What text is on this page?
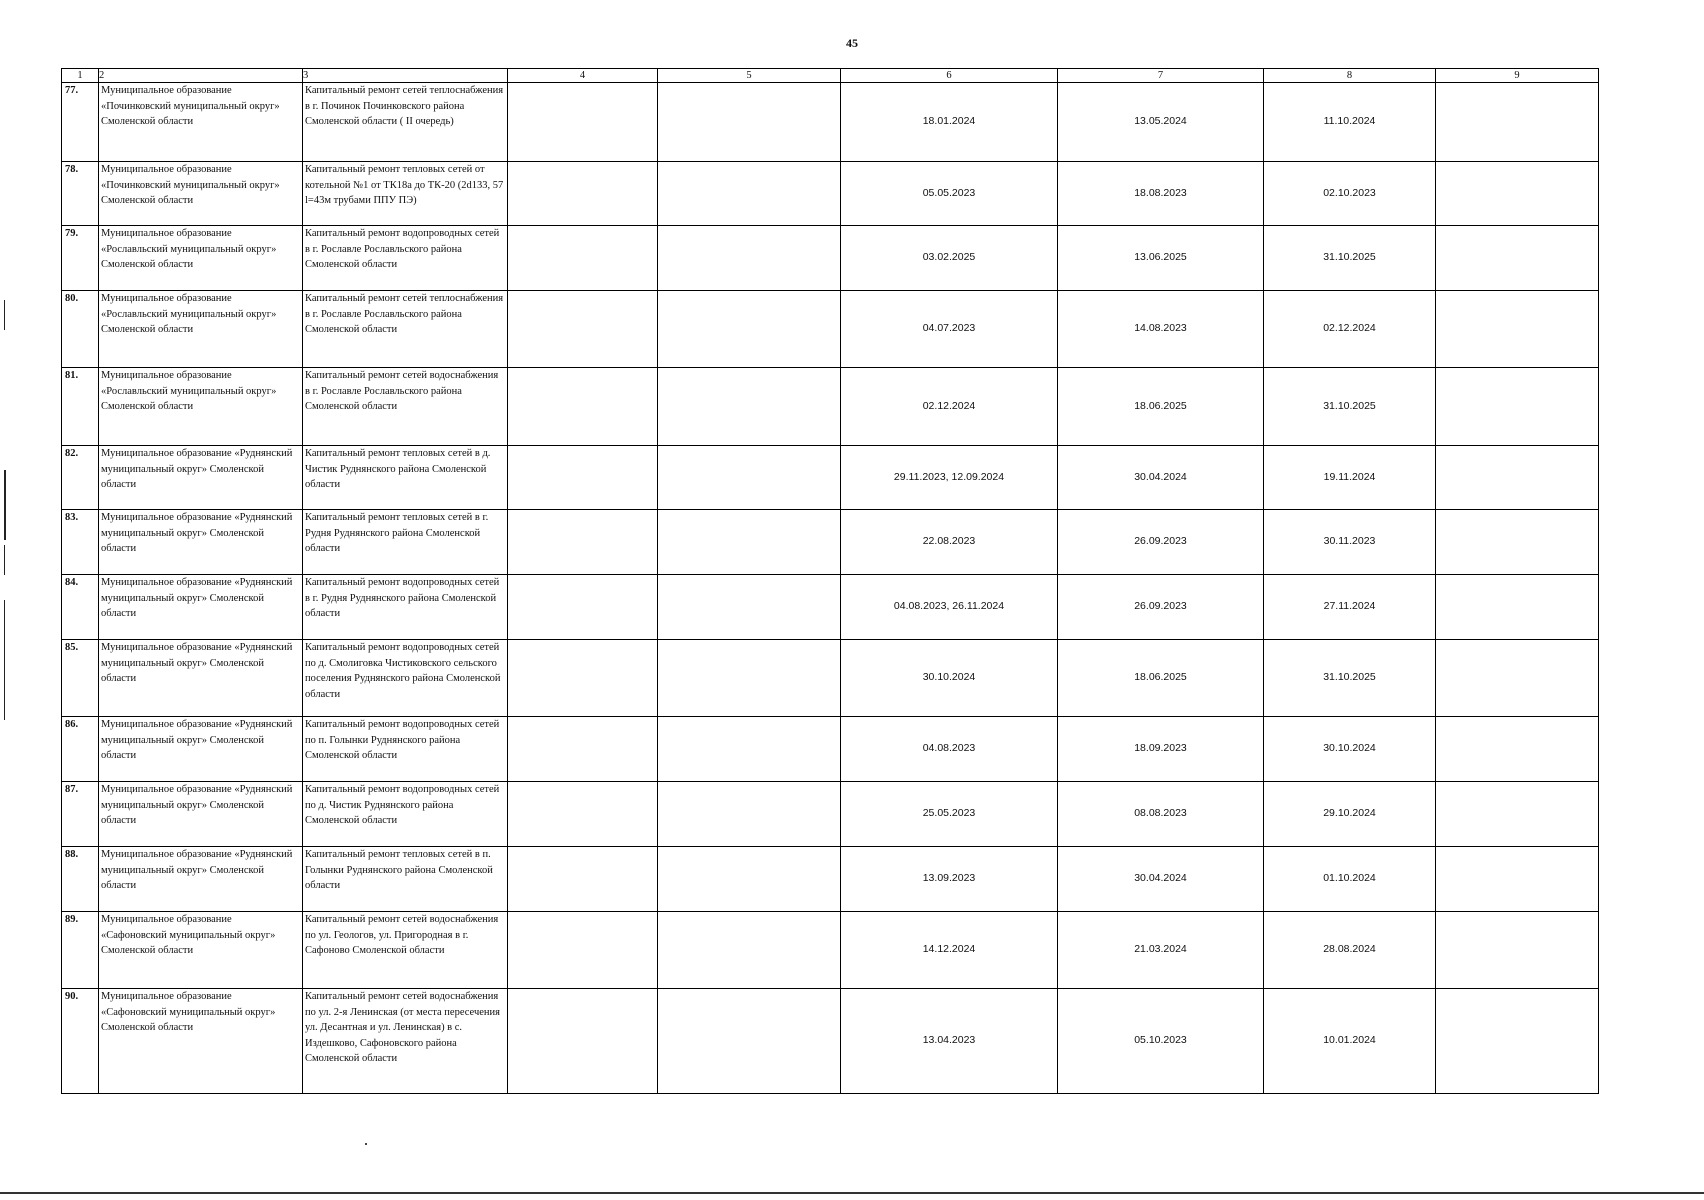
45
1	2	3	4	5	6	7	8	9
77.	Муниципальное образование «Починковский муниципальный округ» Смоленской области	Капитальный ремонт сетей теплоснабжения в г. Починок Починковского района Смоленской области ( II очередь)			18.01.2024	13.05.2024	11.10.2024	
78.	Муниципальное образование «Починковский муниципальный округ» Смоленской области	Капитальный ремонт тепловых сетей от котельной №1 от ТК18а до ТК-20 (2d133, 57 l=43м трубами ППУ ПЭ)			05.05.2023	18.08.2023	02.10.2023	
79.	Муниципальное образование «Рославльский муниципальный округ» Смоленской области	Капитальный ремонт водопроводных сетей в г. Рославле Рославльского района Смоленской области			03.02.2025	13.06.2025	31.10.2025	
80.	Муниципальное образование «Рославльский муниципальный округ» Смоленской области	Капитальный ремонт сетей теплоснабжения в г. Рославле Рославльского района Смоленской области			04.07.2023	14.08.2023	02.12.2024	
81.	Муниципальное образование «Рославльский муниципальный округ» Смоленской области	Капитальный ремонт сетей водоснабжения в г. Рославле Рославльского района Смоленской области			02.12.2024	18.06.2025	31.10.2025	
82.	Муниципальное образование «Руднянский муниципальный округ» Смоленской области	Капитальный ремонт тепловых сетей в д. Чистик Руднянского района Смоленской области			29.11.2023, 12.09.2024	30.04.2024	19.11.2024	
83.	Муниципальное образование «Руднянский муниципальный округ» Смоленской области	Капитальный ремонт тепловых сетей в г. Рудня Руднянского района Смоленской области			22.08.2023	26.09.2023	30.11.2023	
84.	Муниципальное образование «Руднянский муниципальный округ» Смоленской области	Капитальный ремонт водопроводных сетей в г. Рудня Руднянского района Смоленской области			04.08.2023, 26.11.2024	26.09.2023	27.11.2024	
85.	Муниципальное образование «Руднянский муниципальный округ» Смоленской области	Капитальный ремонт водопроводных сетей по д. Смолиговка Чистиковского сельского поселения Руднянского района Смоленской области			30.10.2024	18.06.2025	31.10.2025	
86.	Муниципальное образование «Руднянский муниципальный округ» Смоленской области	Капитальный ремонт водопроводных сетей по п. Голынки Руднянского района Смоленской области			04.08.2023	18.09.2023	30.10.2024	
87.	Муниципальное образование «Руднянский муниципальный округ» Смоленской области	Капитальный ремонт водопроводных сетей по д. Чистик Руднянского района Смоленской области			25.05.2023	08.08.2023	29.10.2024	
88.	Муниципальное образование «Руднянский муниципальный округ» Смоленской области	Капитальный ремонт тепловых сетей в п. Голынки Руднянского района Смоленской области			13.09.2023	30.04.2024	01.10.2024	
89.	Муниципальное образование «Сафоновский муниципальный округ» Смоленской области	Капитальный ремонт сетей водоснабжения по ул. Геологов, ул. Пригородная в г. Сафоново Смоленской области			14.12.2024	21.03.2024	28.08.2024	
90.	Муниципальное образование «Сафоновский муниципальный округ» Смоленской области	Капитальный ремонт сетей водоснабжения по ул. 2-я Ленинская (от места пересечения ул. Десантная и ул. Ленинская) в с. Издешково, Сафоновского района Смоленской области			13.04.2023	05.10.2023	10.01.2024	
